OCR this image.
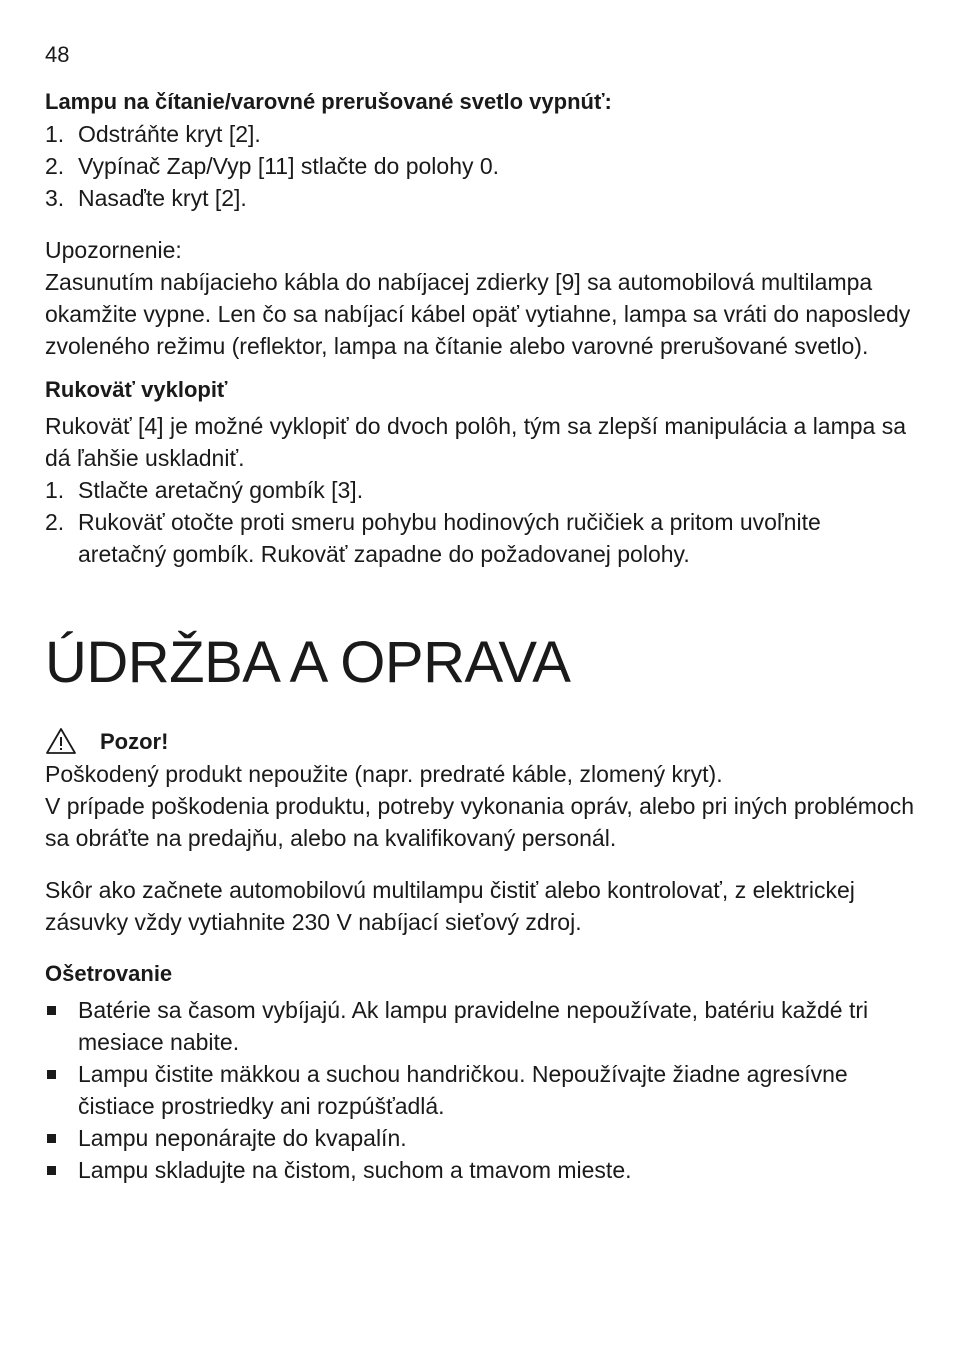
48
Lampu na čítanie/varovné prerušované svetlo vypnúť:
1. Odstráňte kryt [2].
2. Vypínač Zap/Vyp [11] stlačte do polohy 0.
3. Nasaďte kryt [2].

Upozornenie:

Zasunutím nabíjacieho kábla do nabíjacej zdierky [9] sa automobilová multilampa okamžite vypne. Len čo sa nabíjací kábel opäť vytiahne, lampa sa vráti do naposledy zvoleného režimu (reflektor, lampa na čítanie alebo varovné prerušované svetlo).

Rukoväť vyklopiť

Rukoväť [4] je možné vyklopiť do dvoch polôh, tým sa zlepší manipulácia a lampa sa dá ľahšie uskladniť.

1. Stlačte aretačný gombík [3].
2. Rukoväť otočte proti smeru pohybu hodinových ručičiek a pritom uvoľnite aretačný gombík. Rukoväť zapadne do požadovanej polohy.
ÚDRŽBA A OPRAVA
Pozor!

Poškodený produkt nepoužite (napr. predraté káble, zlomený kryt).

V prípade poškodenia produktu, potreby vykonania opráv, alebo pri iných problémoch sa obráťte na predajňu, alebo na kvalifikovaný personál.

Skôr ako začnete automobilovú multilampu čistiť alebo kontrolovať, z elektrickej zásuvky vždy vytiahnite 230 V nabíjací sieťový zdroj.

Ošetrovanie
Batérie sa časom vybíjajú. Ak lampu pravidelne nepoužívate, batériu každé tri mesiace nabite.
Lampu čistite mäkkou a suchou handričkou. Nepoužívajte žiadne agresívne čistiace prostriedky ani rozpúšťadlá.
Lampu neponárajte do kvapalín.
Lampu skladujte na čistom, suchom a tmavom mieste.
